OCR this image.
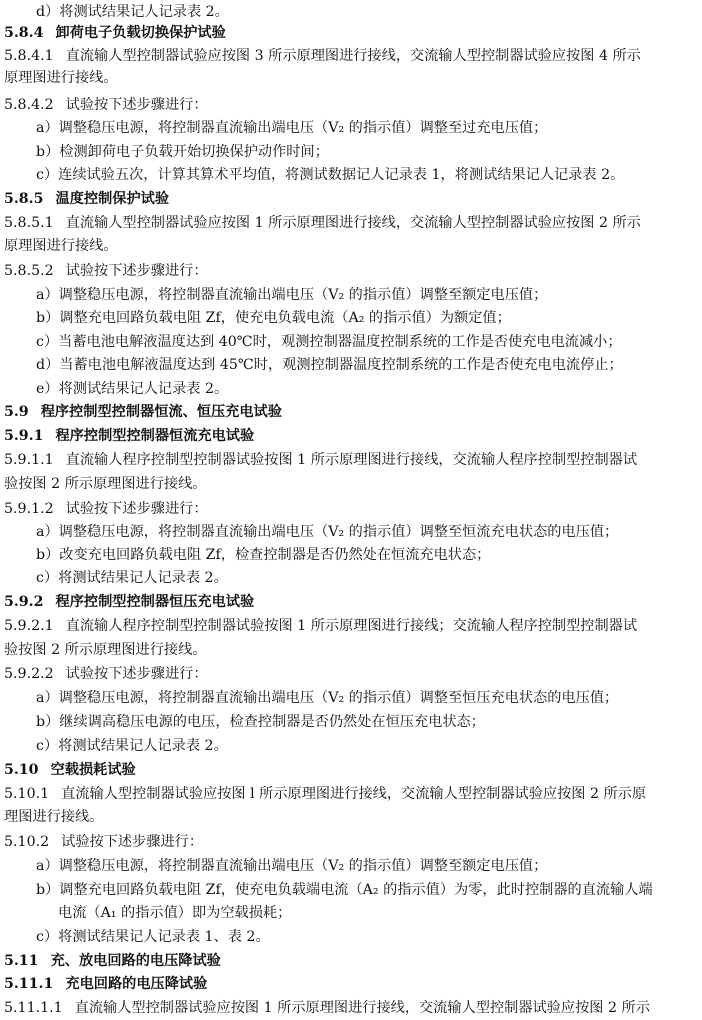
d）将测试结果记人记录表 2。
5.8.4 卸荷电子负载切换保护试验
5.8.4.1 直流输人型控制器试验应按图 3 所示原理图进行接线，交流输人型控制器试验应按图 4 所示
原理图进行接线。
5.8.4.2 试验按下述步骤进行：
a）调整稳压电源，将控制器直流输出端电压（V₂ 的指示值）调整至过充电压值；
b）检测卸荷电子负载开始切换保护动作时间；
c）连续试验五次，计算其算术平均值，将测试数据记人记录表 1，将测试结果记人记录表 2。
5.8.5 温度控制保护试验
5.8.5.1 直流输人型控制器试验应按图 1 所示原理图进行接线，交流输人型控制器试验应按图 2 所示
原理图进行接线。
5.8.5.2 试验按下述步骤进行：
a）调整稳压电源，将控制器直流输出端电压（V₂ 的指示值）调整至额定电压值；
b）调整充电回路负载电阻 Zf，使充电负载电流（A₂ 的指示值）为额定值；
c）当蓄电池电解液温度达到 40℃时，观测控制器温度控制系统的工作是否使充电电流减小；
d）当蓄电池电解液温度达到 45℃时，观测控制器温度控制系统的工作是否使充电电流停止；
e）将测试结果记人记录表 2。
5.9 程序控制型控制器恒流、恒压充电试验
5.9.1 程序控制型控制器恒流充电试验
5.9.1.1 直流输人程序控制型控制器试验按图 1 所示原理图进行接线，交流输人程序控制型控制器试
验按图 2 所示原理图进行接线。
5.9.1.2 试验按下述步骤进行：
a）调整稳压电源，将控制器直流输出端电压（V₂ 的指示值）调整至恒流充电状态的电压值；
b）改变充电回路负载电阻 Zf，检查控制器是否仍然处在恒流充电状态；
c）将测试结果记人记录表 2。
5.9.2 程序控制型控制器恒压充电试验
5.9.2.1 直流输人程序控制型控制器试验按图 1 所示原理图进行接线；交流输人程序控制型控制器试
验按图 2 所示原理图进行接线。
5.9.2.2 试验按下述步骤进行：
a）调整稳压电源，将控制器直流输出端电压（V₂ 的指示值）调整至恒压充电状态的电压值；
b）继续调高稳压电源的电压，检查控制器是否仍然处在恒压充电状态；
c）将测试结果记人记录表 2。
5.10 空载损耗试验
5.10.1 直流输人型控制器试验应按图 l 所示原理图进行接线，交流输人型控制器试验应按图 2 所示原
理图进行接线。
5.10.2 试验按下述步骤进行：
a）调整稳压电源，将控制器直流输出端电压（V₂ 的指示值）调整至额定电压值；
b）调整充电回路负载电阻 Zf，使充电负载端电流（A₂ 的指示值）为零，此时控制器的直流输人端
电流（A₁ 的指示值）即为空载损耗；
c）将测试结果记人记录表 1、表 2。
5.11 充、放电回路的电压降试验
5.11.1 充电回路的电压降试验
5.11.1.1 直流输人型控制器试验应按图 1 所示原理图进行接线，交流输人型控制器试验应按图 2 所示
